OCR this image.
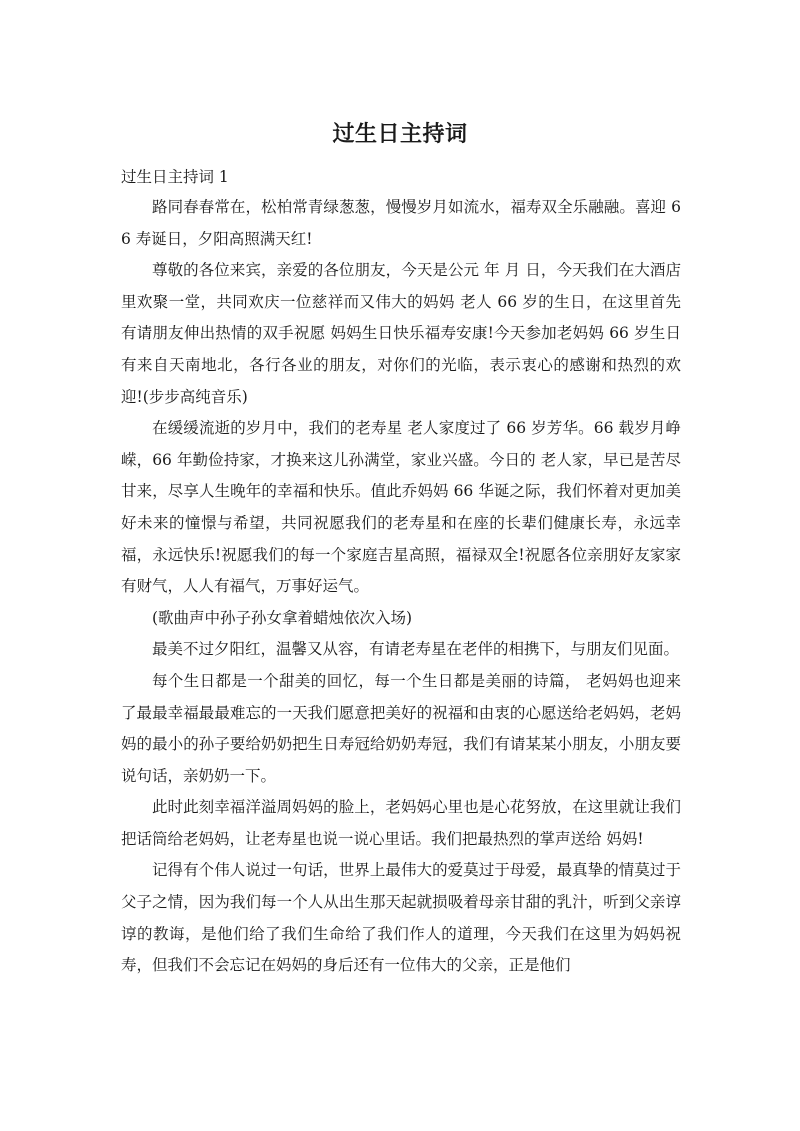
过生日主持词
过生日主持词 1

路同春春常在，松柏常青绿葱葱，慢慢岁月如流水，福寿双全乐融融。喜迎 66 寿诞日，夕阳高照满天红!

尊敬的各位来宾，亲爱的各位朋友，今天是公元 年 月 日，今天我们在大酒店里欢聚一堂，共同欢庆一位慈祥而又伟大的妈妈 老人 66 岁的生日，在这里首先有请朋友伸出热情的双手祝愿 妈妈生日快乐福寿安康!今天参加老妈妈 66 岁生日有来自天南地北，各行各业的朋友，对你们的光临，表示衷心的感谢和热烈的欢迎!(步步高纯音乐)

在缓缓流逝的岁月中，我们的老寿星 老人家度过了 66 岁芳华。66 载岁月峥嵘，66 年勤俭持家，才换来这儿孙满堂，家业兴盛。今日的 老人家，早已是苦尽甘来，尽享人生晚年的幸福和快乐。值此乔妈妈 66 华诞之际，我们怀着对更加美好未来的憧憬与希望，共同祝愿我们的老寿星和在座的长辈们健康长寿，永远幸福，永远快乐!祝愿我们的每一个家庭吉星高照，福禄双全!祝愿各位亲朋好友家家有财气，人人有福气，万事好运气。

(歌曲声中孙子孙女拿着蜡烛依次入场)

最美不过夕阳红，温馨又从容，有请老寿星在老伴的相携下，与朋友们见面。

每个生日都是一个甜美的回忆，每一个生日都是美丽的诗篇， 老妈妈也迎来了最最幸福最最难忘的一天我们愿意把美好的祝福和由衷的心愿送给老妈妈，老妈妈的最小的孙子要给奶奶把生日寿冠给奶奶寿冠，我们有请某某小朋友，小朋友要说句话，亲奶奶一下。

此时此刻幸福洋溢周妈妈的脸上，老妈妈心里也是心花努放，在这里就让我们把话筒给老妈妈，让老寿星也说一说心里话。我们把最热烈的掌声送给 妈妈!

记得有个伟人说过一句话，世界上最伟大的爱莫过于母爱，最真挚的情莫过于父子之情，因为我们每一个人从出生那天起就损吸着母亲甘甜的乳汁，听到父亲谆谆的教诲，是他们给了我们生命给了我们作人的道理，今天我们在这里为妈妈祝寿，但我们不会忘记在妈妈的身后还有一位伟大的父亲，正是他们
